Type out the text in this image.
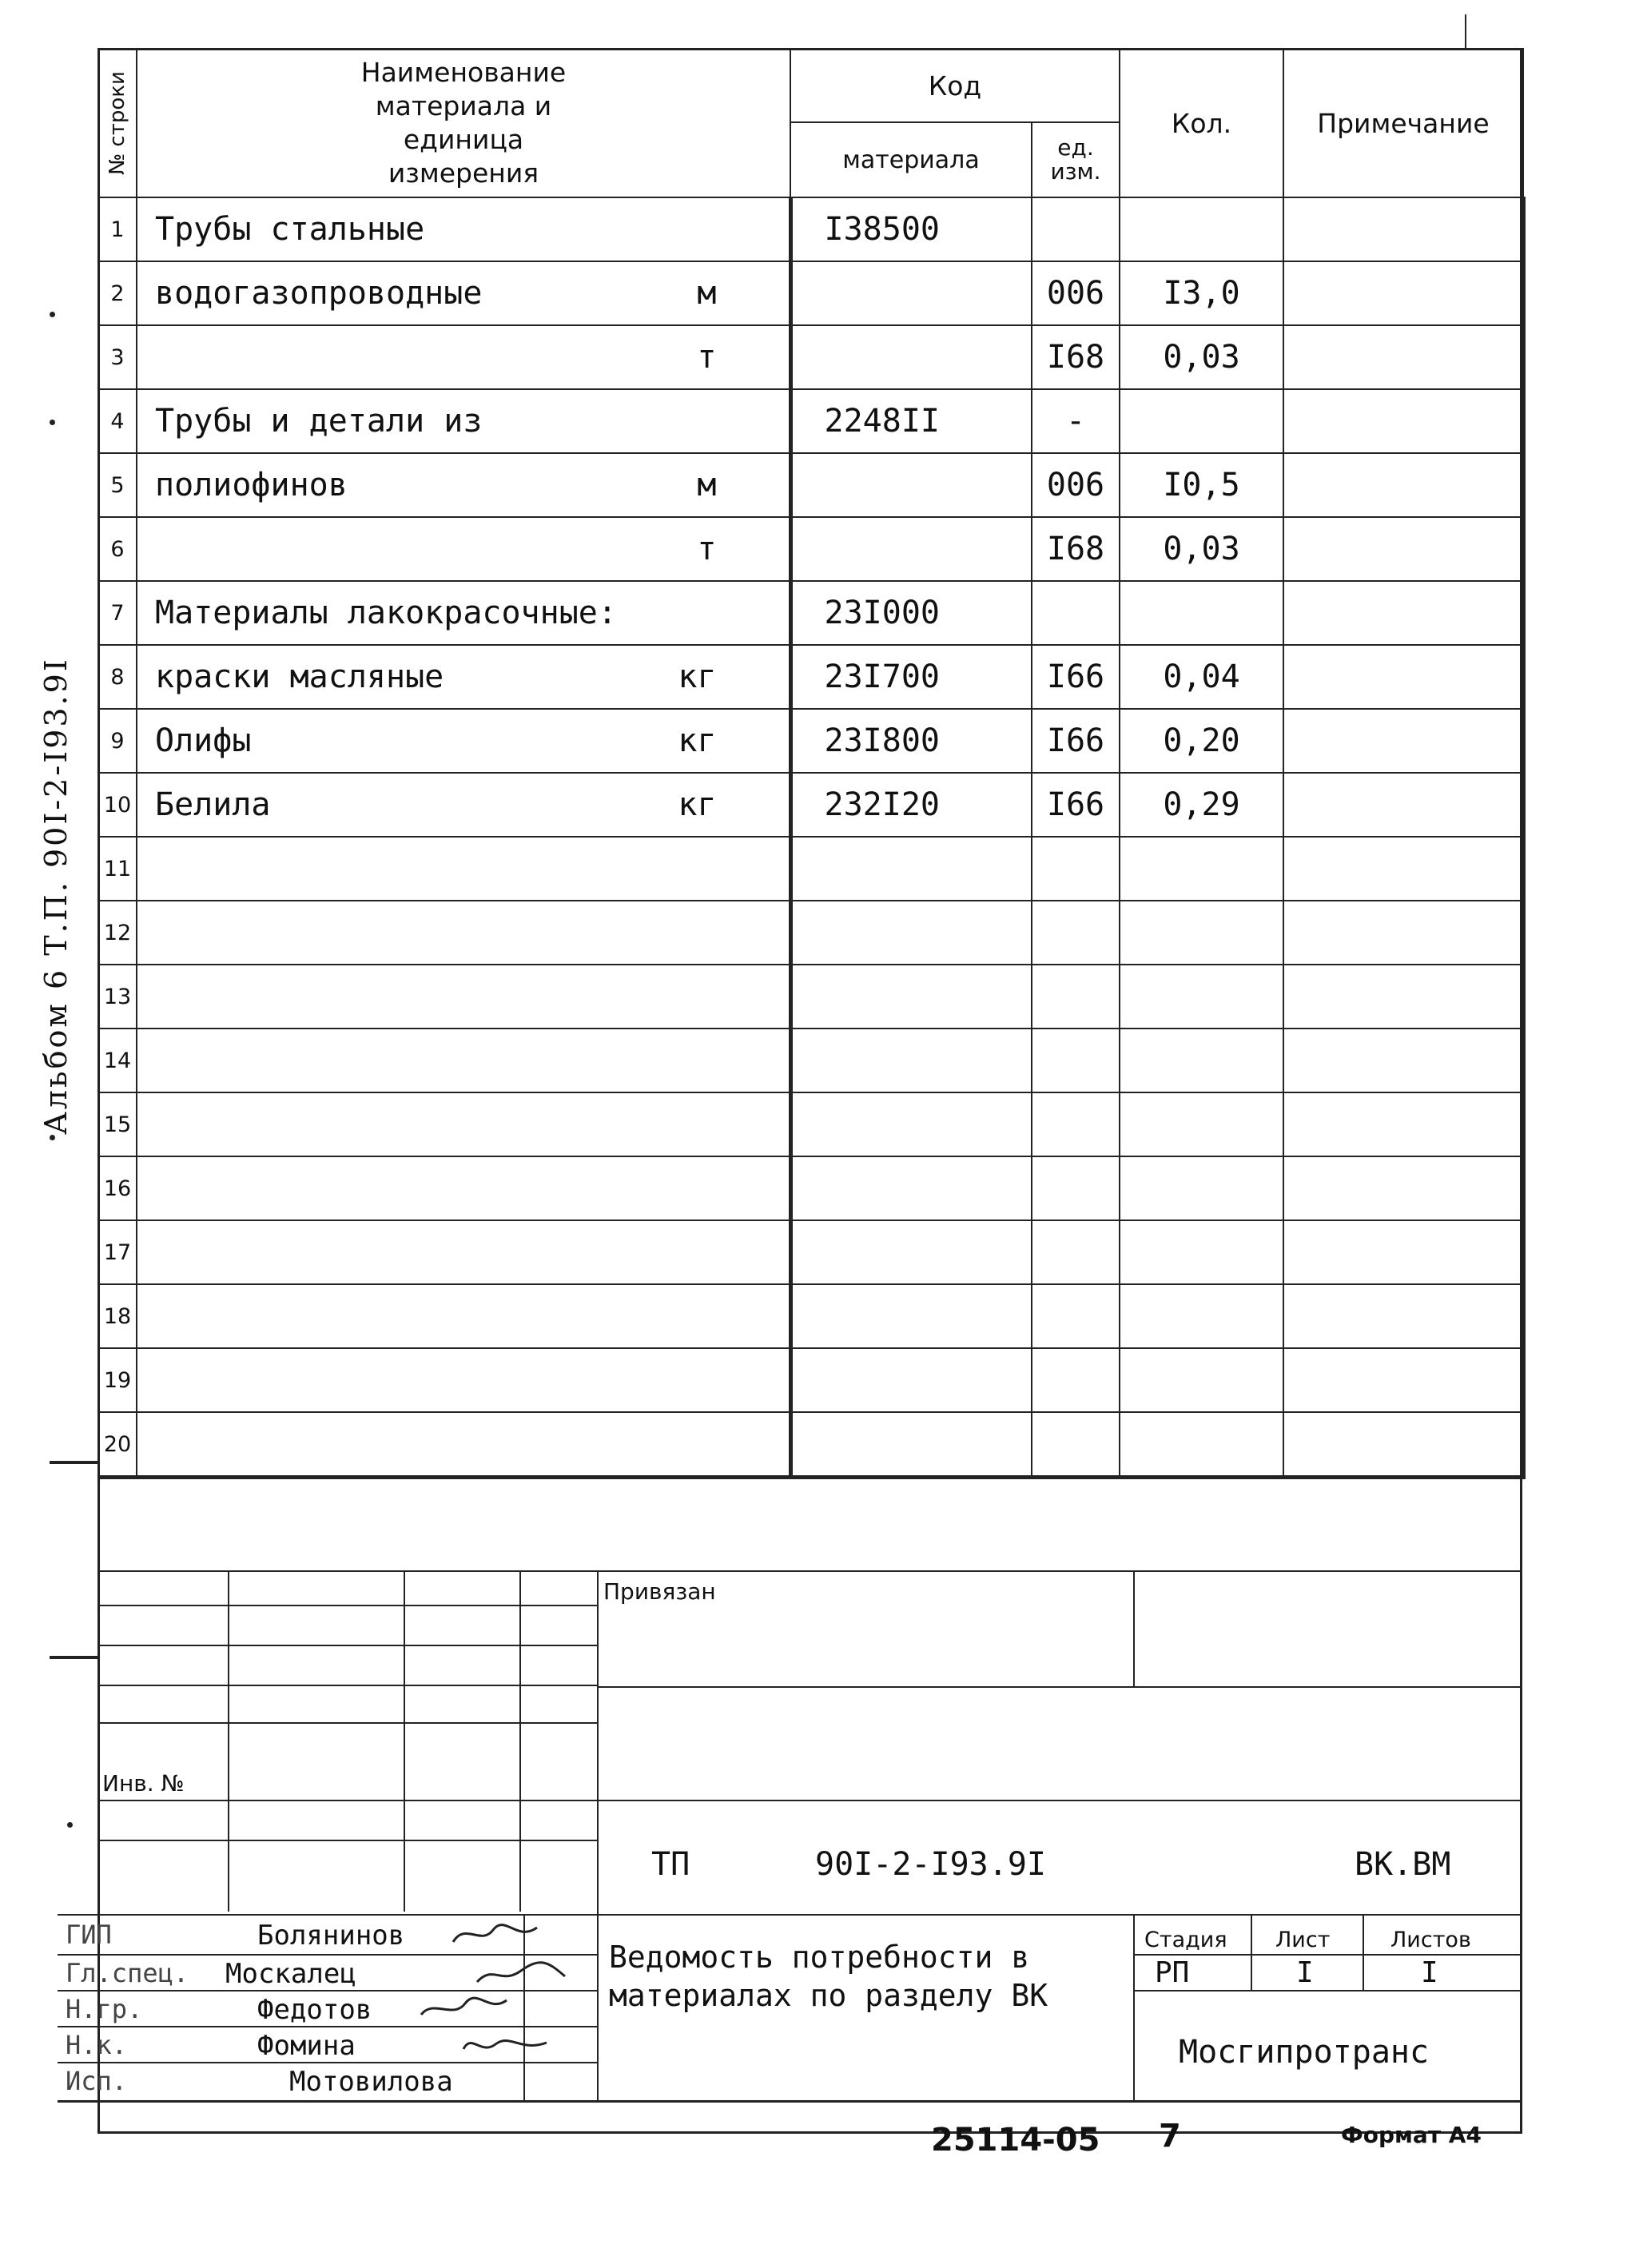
Альбом 6 Т.П. 90I-2-I93.9I
№ строки	Наименование материала и единица измерения	Код		Кол.	Примечание
		материала	ед. изм.		
1	Трубы стальные	I38500			
2	водогазопроводные м		006	I3,0	
3	т		I68	0,03	
4	Трубы и детали из	2248II	-		
5	полиофинов м		006	I0,5	
6	т		I68	0,03	
7	Материалы лакокрасочные:	23I000			
8	краски масляные кг	23I700	I66	0,04	
9	Олифы кг	23I800	I66	0,20	
10	Белила кг	232I20	I66	0,29	
11	

12	

13	

14	

15	

16	

17	

18	

19	

20	

Привязан
Инв. №
ТП	90I-2-I93.9I	ВК.ВМ
Ведомость потребности в материалах по разделу ВК
Стадия Лист	Листов
РП	I	I
Мосгипротранс
ГИП	Болянинов
Гл.спец. Москалец
Н.гр.	Федотов
Н.к.	Фомина
Исп.	Мотовилова
25114-05 7	Формат А4
